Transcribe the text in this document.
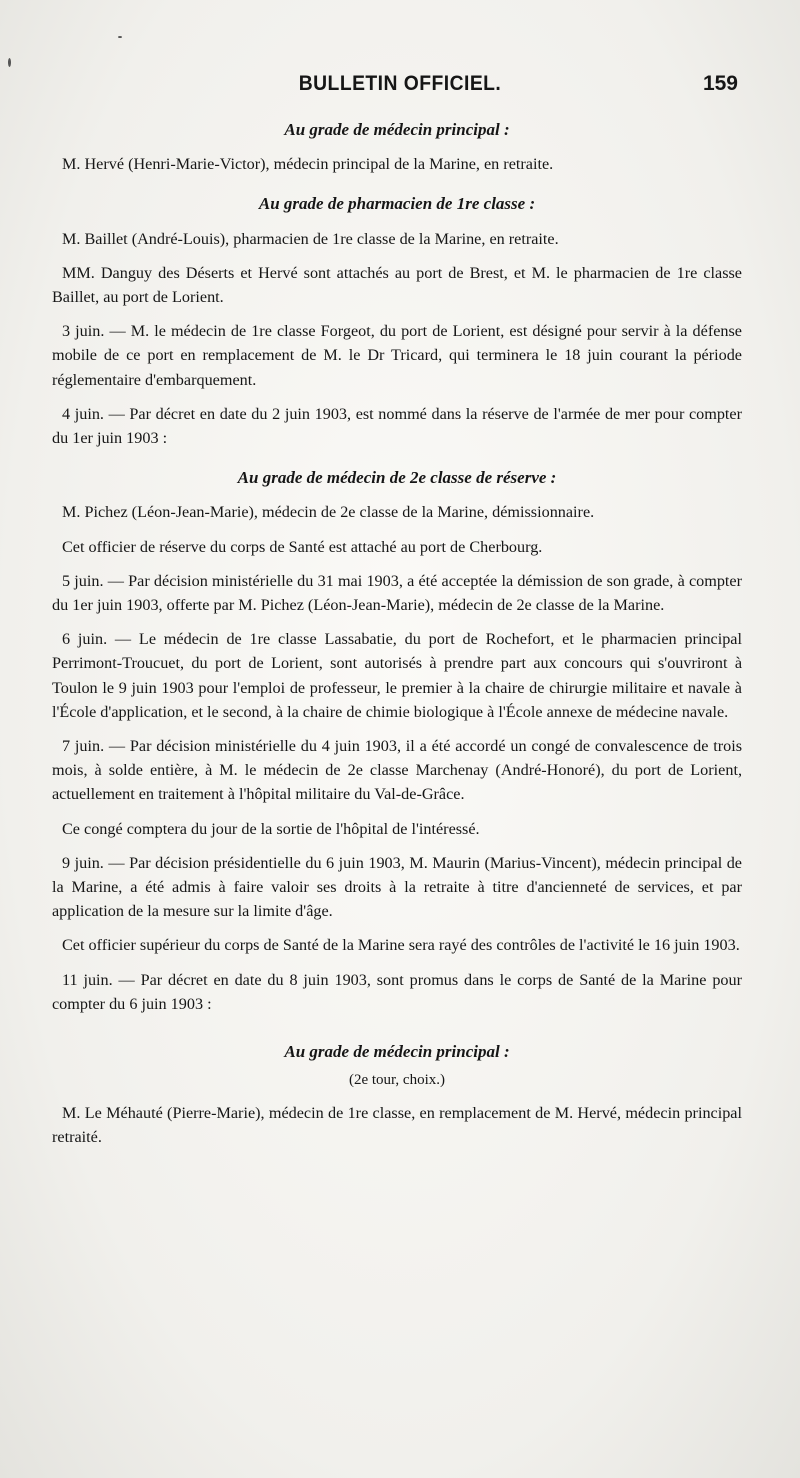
BULLETIN OFFICIEL.	159
Au grade de médecin principal :

M. Hervé (Henri-Marie-Victor), médecin principal de la Marine, en retraite.

Au grade de pharmacien de 1re classe :

M. Baillet (André-Louis), pharmacien de 1re classe de la Marine, en retraite.

MM. Danguy des Déserts et Hervé sont attachés au port de Brest, et M. le pharmacien de 1re classe Baillet, au port de Lorient.

3 juin. — M. le médecin de 1re classe Forgeot, du port de Lorient, est désigné pour servir à la défense mobile de ce port en remplacement de M. le Dr Tricard, qui terminera le 18 juin courant la période réglementaire d'embarquement.

4 juin. — Par décret en date du 2 juin 1903, est nommé dans la réserve de l'armée de mer pour compter du 1er juin 1903 :

Au grade de médecin de 2e classe de réserve :

M. Pichez (Léon-Jean-Marie), médecin de 2e classe de la Marine, démissionnaire.

Cet officier de réserve du corps de Santé est attaché au port de Cherbourg.

5 juin. — Par décision ministérielle du 31 mai 1903, a été acceptée la démission de son grade, à compter du 1er juin 1903, offerte par M. Pichez (Léon-Jean-Marie), médecin de 2e classe de la Marine.

6 juin. — Le médecin de 1re classe Lassabatie, du port de Rochefort, et le pharmacien principal Perrimont-Troucuet, du port de Lorient, sont autorisés à prendre part aux concours qui s'ouvriront à Toulon le 9 juin 1903 pour l'emploi de professeur, le premier à la chaire de chirurgie militaire et navale à l'École d'application, et le second, à la chaire de chimie biologique à l'École annexe de médecine navale.

7 juin. — Par décision ministérielle du 4 juin 1903, il a été accordé un congé de convalescence de trois mois, à solde entière, à M. le médecin de 2e classe Marchenay (André-Honoré), du port de Lorient, actuellement en traitement à l'hôpital militaire du Val-de-Grâce.

Ce congé comptera du jour de la sortie de l'hôpital de l'intéressé.

9 juin. — Par décision présidentielle du 6 juin 1903, M. Maurin (Marius-Vincent), médecin principal de la Marine, a été admis à faire valoir ses droits à la retraite à titre d'ancienneté de services, et par application de la mesure sur la limite d'âge.

Cet officier supérieur du corps de Santé de la Marine sera rayé des contrôles de l'activité le 16 juin 1903.

11 juin. — Par décret en date du 8 juin 1903, sont promus dans le corps de Santé de la Marine pour compter du 6 juin 1903 :

Au grade de médecin principal :
(2e tour, choix.)

M. Le Méhauté (Pierre-Marie), médecin de 1re classe, en remplacement de M. Hervé, médecin principal retraité.
